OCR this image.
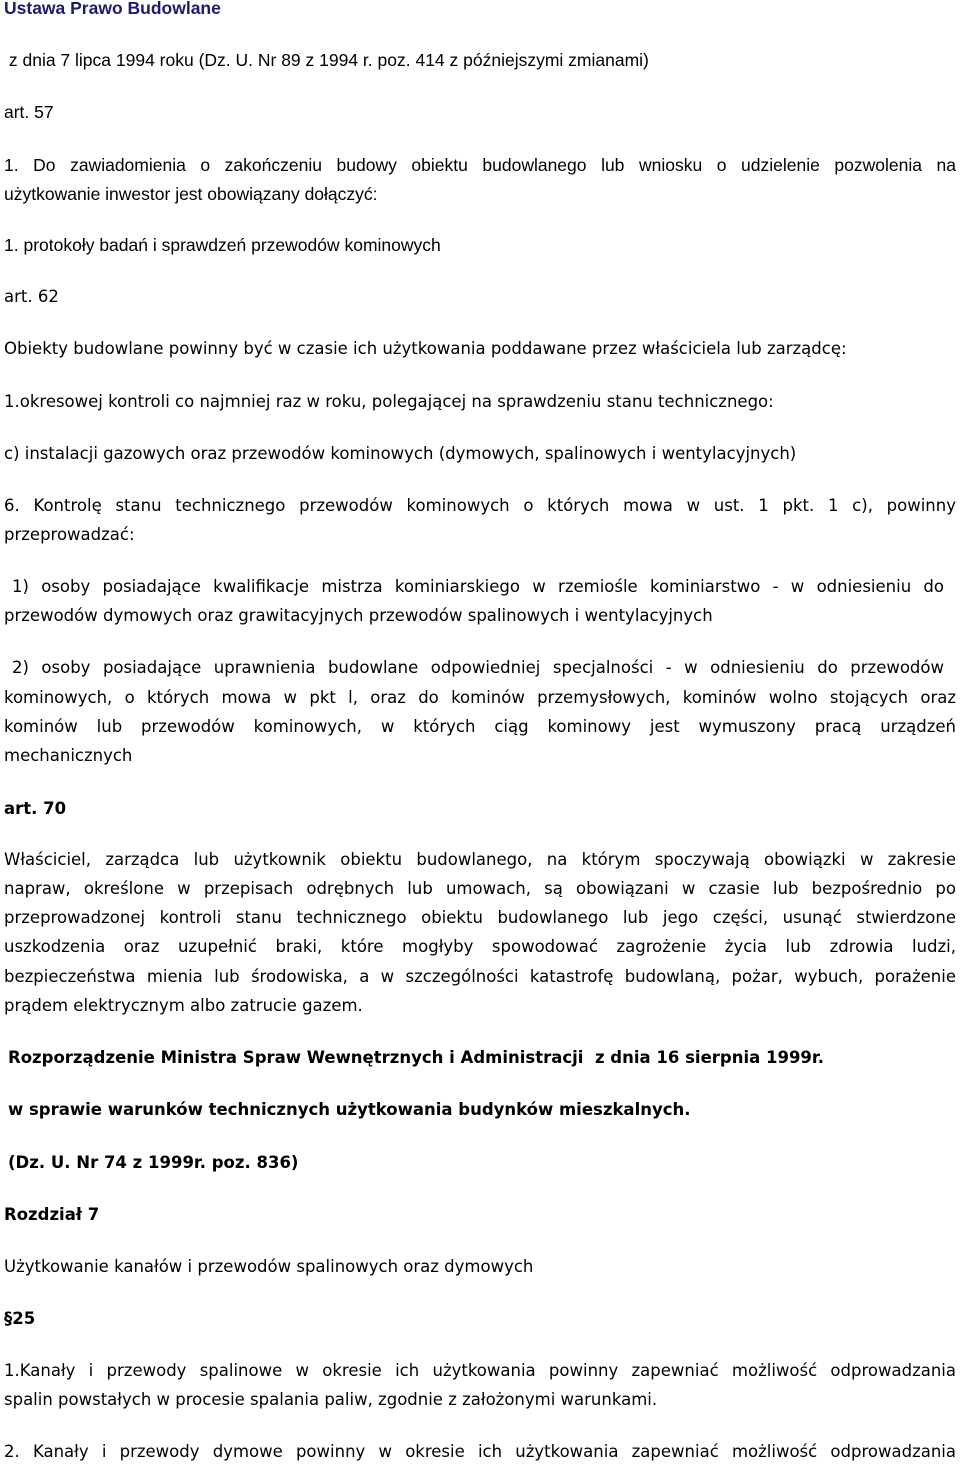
Ustawa Prawo Budowlane
z dnia 7 lipca 1994 roku (Dz. U. Nr 89 z 1994 r. poz. 414 z późniejszymi zmianami)
art. 57
1. Do zawiadomienia o zakończeniu budowy obiektu budowlanego lub wniosku o udzielenie pozwolenia na
użytkowanie inwestor jest obowiązany dołączyć:
1. protokoły badań i sprawdzeń przewodów kominowych
art. 62
Obiekty budowlane powinny być w czasie ich użytkowania poddawane przez właściciela lub zarządcę:
1.okresowej kontroli co najmniej raz w roku, polegającej na sprawdzeniu stanu technicznego:
c) instalacji gazowych oraz przewodów kominowych (dymowych, spalinowych i wentylacyjnych)
6. Kontrolę stanu technicznego przewodów kominowych o których mowa w ust. 1 pkt. 1 c), powinny
przeprowadzać:
1) osoby posiadające kwalifikacje mistrza kominiarskiego w rzemiośle kominiarstwo - w odniesieniu do
przewodów dymowych oraz grawitacyjnych przewodów spalinowych i wentylacyjnych
2) osoby posiadające uprawnienia budowlane odpowiedniej specjalności - w odniesieniu do przewodów
kominowych, o których mowa w pkt l, oraz do kominów przemysłowych, kominów wolno stojących oraz
kominów lub przewodów kominowych, w których ciąg kominowy jest wymuszony pracą urządzeń
mechanicznych
art. 70
Właściciel, zarządca lub użytkownik obiektu budowlanego, na którym spoczywają obowiązki w zakresie
napraw, określone w przepisach odrębnych lub umowach, są obowiązani w czasie lub bezpośrednio po
przeprowadzonej kontroli stanu technicznego obiektu budowlanego lub jego części, usunąć stwierdzone
uszkodzenia oraz uzupełnić braki, które mogłyby spowodować zagrożenie życia lub zdrowia ludzi,
bezpieczeństwa mienia lub środowiska, a w szczególności katastrofę budowlaną, pożar, wybuch, porażenie
prądem elektrycznym albo zatrucie gazem.
Rozporządzenie Ministra Spraw Wewnętrznych i Administracji  z dnia 16 sierpnia 1999r.
w sprawie warunków technicznych użytkowania budynków mieszkalnych.
(Dz. U. Nr 74 z 1999r. poz. 836)
Rozdział 7
Użytkowanie kanałów i przewodów spalinowych oraz dymowych
§25
1.Kanały i przewody spalinowe w okresie ich użytkowania powinny zapewniać możliwość odprowadzania
spalin powstałych w procesie spalania paliw, zgodnie z założonymi warunkami.
2. Kanały i przewody dymowe powinny w okresie ich użytkowania zapewniać możliwość odprowadzania
